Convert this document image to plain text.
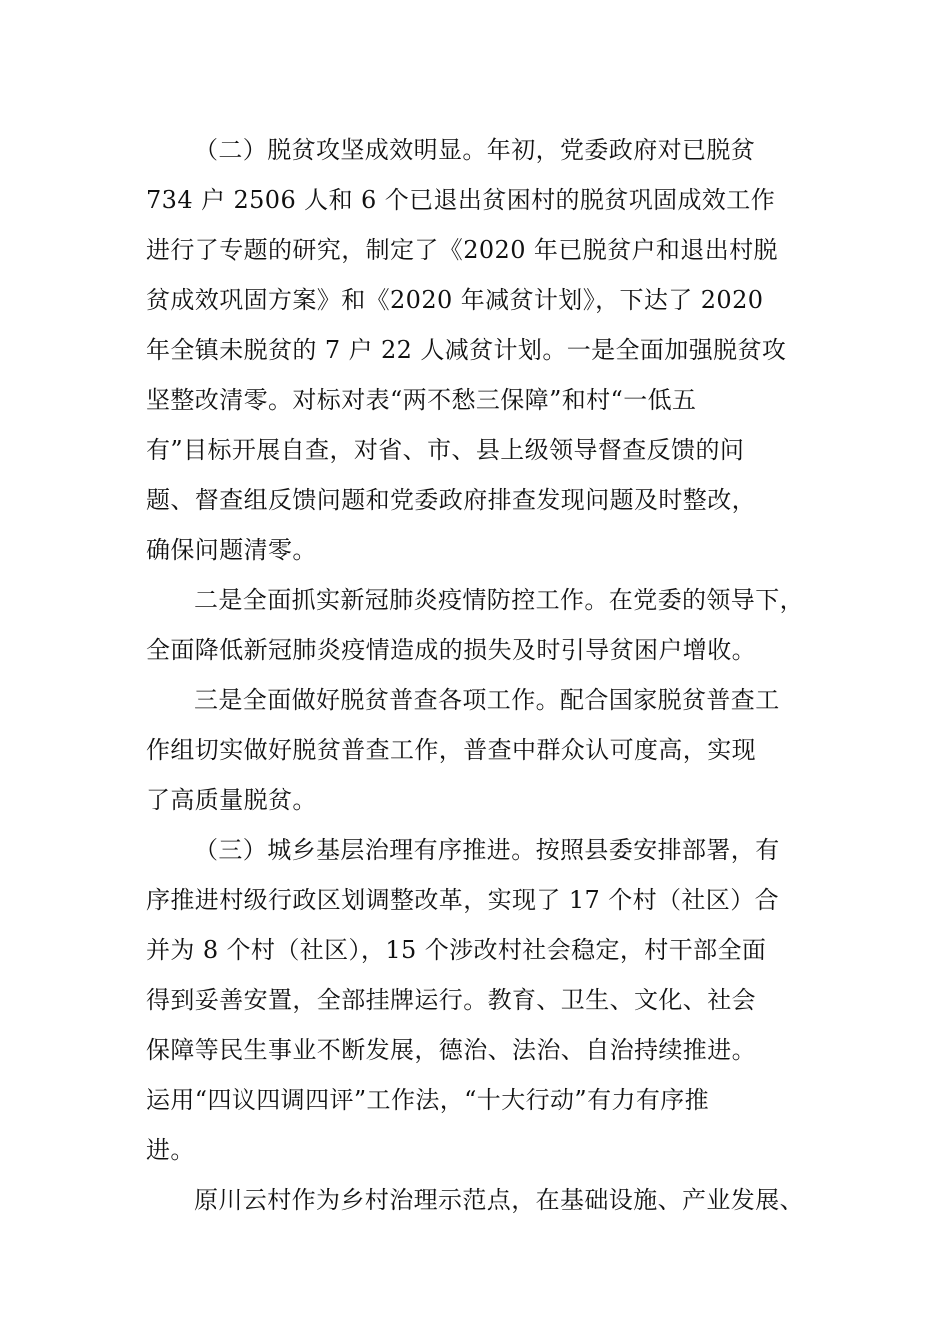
（二）脱贫攻坚成效明显。年初，党委政府对已脱贫
734 户 2506 人和 6 个已退出贫困村的脱贫巩固成效工作
进行了专题的研究，制定了《2020 年已脱贫户和退出村脱
贫成效巩固方案》和《2020 年减贫计划》，下达了 2020
年全镇未脱贫的 7 户 22 人减贫计划。一是全面加强脱贫攻
坚整改清零。对标对表“两不愁三保障”和村“一低五
有”目标开展自查，对省、市、县上级领导督查反馈的问
题、督查组反馈问题和党委政府排查发现问题及时整改，
确保问题清零。

二是全面抓实新冠肺炎疫情防控工作。在党委的领导下，
全面降低新冠肺炎疫情造成的损失及时引导贫困户增收。

三是全面做好脱贫普查各项工作。配合国家脱贫普查工
作组切实做好脱贫普查工作，普查中群众认可度高，实现
了高质量脱贫。

（三）城乡基层治理有序推进。按照县委安排部署，有
序推进村级行政区划调整改革，实现了 17 个村（社区）合
并为 8 个村（社区），15 个涉改村社会稳定，村干部全面
得到妥善安置，全部挂牌运行。教育、卫生、文化、社会
保障等民生事业不断发展，德治、法治、自治持续推进。
运用“四议四调四评”工作法，“十大行动”有力有序推
进。

原川云村作为乡村治理示范点，在基础设施、产业发展、
